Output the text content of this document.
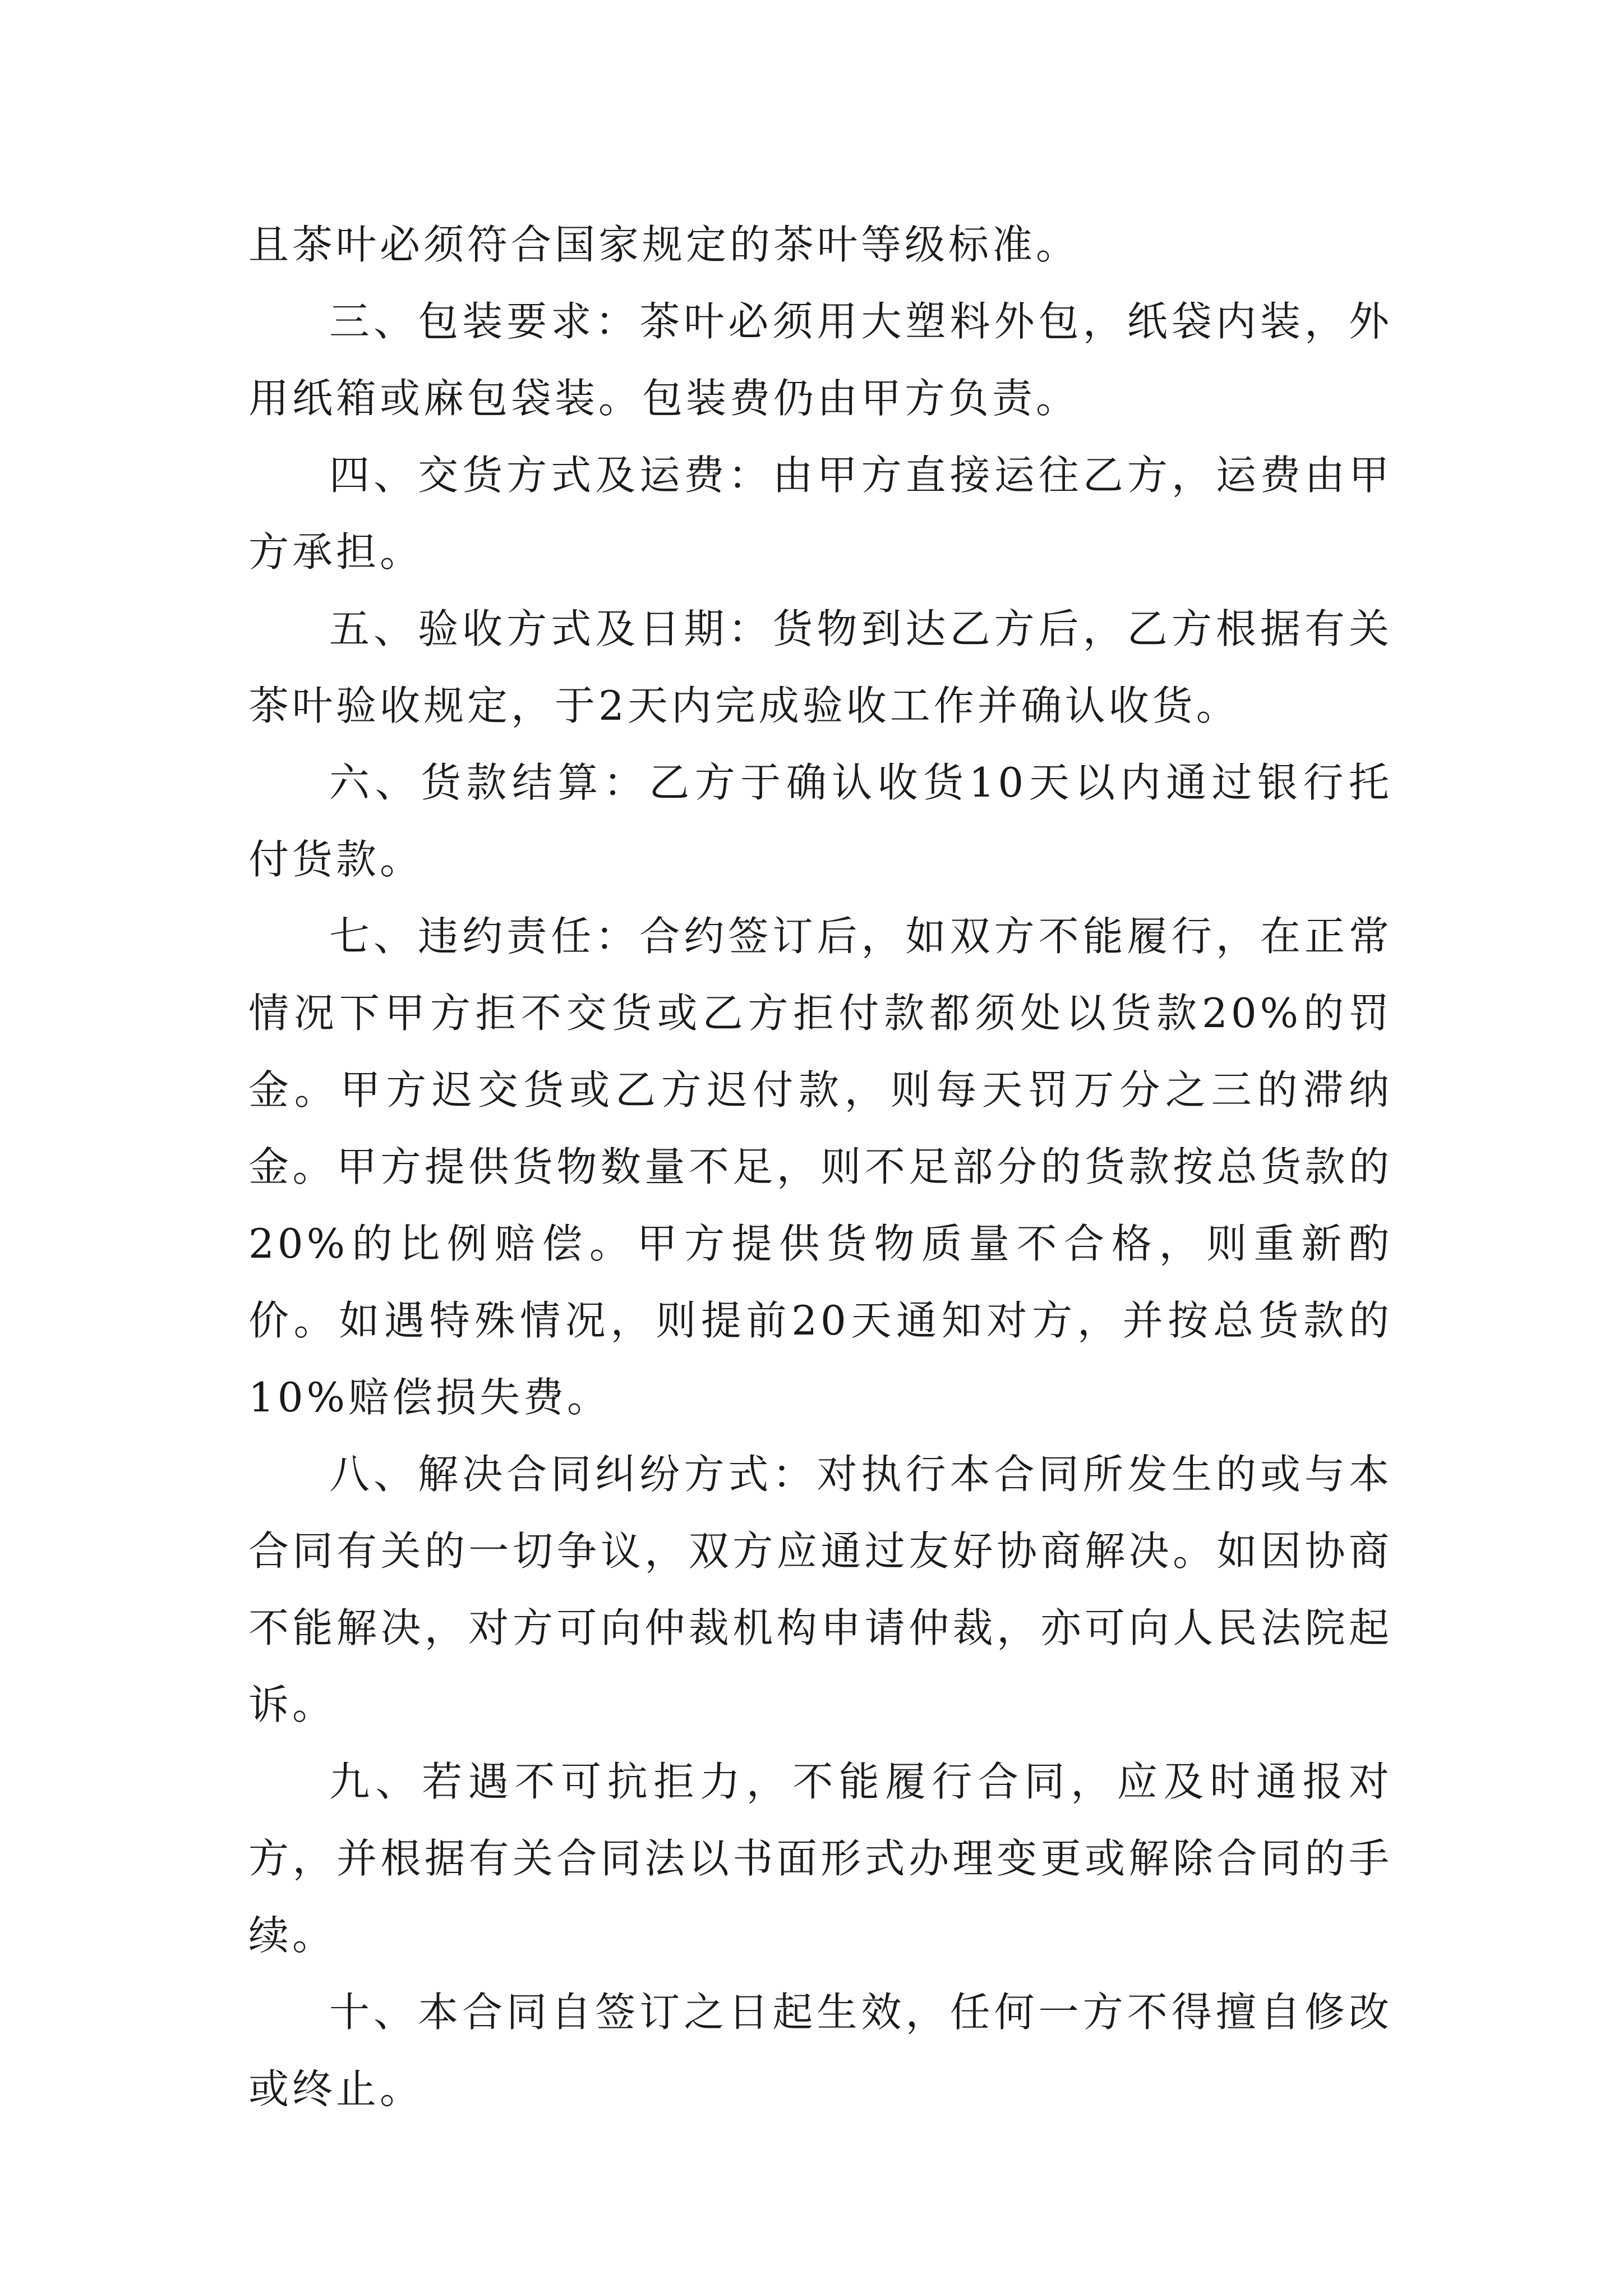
且茶叶必须符合国家规定的茶叶等级标准。

三、包装要求：茶叶必须用大塑料外包，纸袋内装，外用纸箱或麻包袋装。包装费仍由甲方负责。

四、交货方式及运费：由甲方直接运往乙方，运费由甲方承担。

五、验收方式及日期：货物到达乙方后，乙方根据有关茶叶验收规定，于2天内完成验收工作并确认收货。

六、货款结算：乙方于确认收货10天以内通过银行托付货款。

七、违约责任：合约签订后，如双方不能履行，在正常情况下甲方拒不交货或乙方拒付款都须处以货款20%的罚金。甲方迟交货或乙方迟付款，则每天罚万分之三的滞纳金。甲方提供货物数量不足，则不足部分的货款按总货款的20%的比例赔偿。甲方提供货物质量不合格，则重新酌价。如遇特殊情况，则提前20天通知对方，并按总货款的10%赔偿损失费。

八、解决合同纠纷方式：对执行本合同所发生的或与本合同有关的一切争议，双方应通过友好协商解决。如因协商不能解决，对方可向仲裁机构申请仲裁，亦可向人民法院起诉。

九、若遇不可抗拒力，不能履行合同，应及时通报对方，并根据有关合同法以书面形式办理变更或解除合同的手续。

十、本合同自签订之日起生效，任何一方不得擅自修改或终止。
